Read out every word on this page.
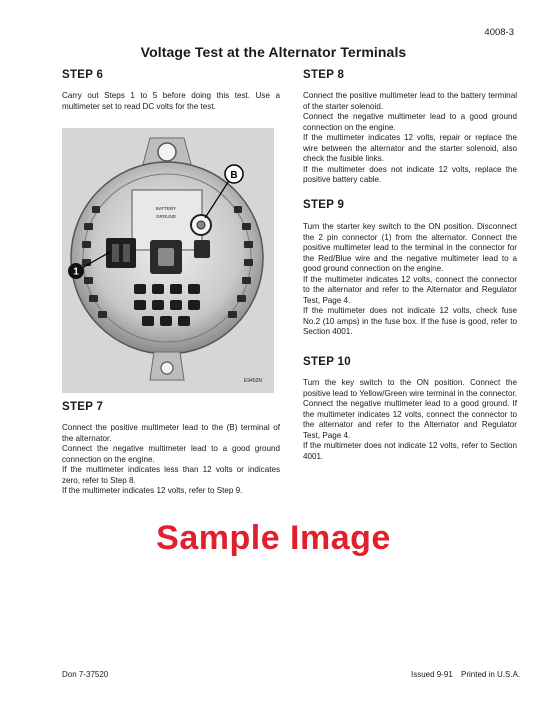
4008-3
Voltage Test at the Alternator Terminals
STEP 6

Carry out Steps 1 to 5 before doing this test. Use a multimeter set to read DC volts for the test.

BATTERY
GROUND
1
B
E9452N
STEP 7

Connect the positive multimeter lead to the (B) terminal of the alternator.

Connect the negative multimeter lead to a good ground connection on the engine.

If the multimeter indicates less than 12 volts or indicates zero, refer to Step 8.

If the multimeter indicates 12 volts, refer to Step 9.

STEP 8

Connect the positive multimeter lead to the battery terminal of the starter solenoid.

Connect the negative multimeter lead to a good ground connection on the engine.

If the multimeter indicates 12 volts, repair or replace the wire between the alternator and the starter solenoid, also check the fusible links.

If the multimeter does not indicate 12 volts, replace the positive battery cable.

STEP 9

Turn the starter key switch to the ON position. Disconnect the 2 pin connector (1) from the alternator. Connect the positive multimeter lead to the terminal in the connector for the Red/Blue wire and the negative multimeter lead to a good ground connection on the engine.

If the multimeter indicates 12 volts, connect the connector to the alternator and refer to the Alternator and Regulator Test, Page 4.

If the multimeter does not indicate 12 volts, check fuse No.2 (10 amps) in the fuse box. If the fuse is good, refer to Section 4001.

STEP 10

Turn the key switch to the ON position. Connect the positive lead to Yellow/Green wire terminal in the connector. Connect the negative multimeter lead to a good ground. If the multimeter indicates 12 volts, connect the connector to the alternator and refer to the Alternator and Regulator Test, Page 4.

If the multimeter does not indicate 12 volts, refer to Section 4001.

Sample Image
Don 7-37520	Issued 9-91 Printed in U.S.A.
